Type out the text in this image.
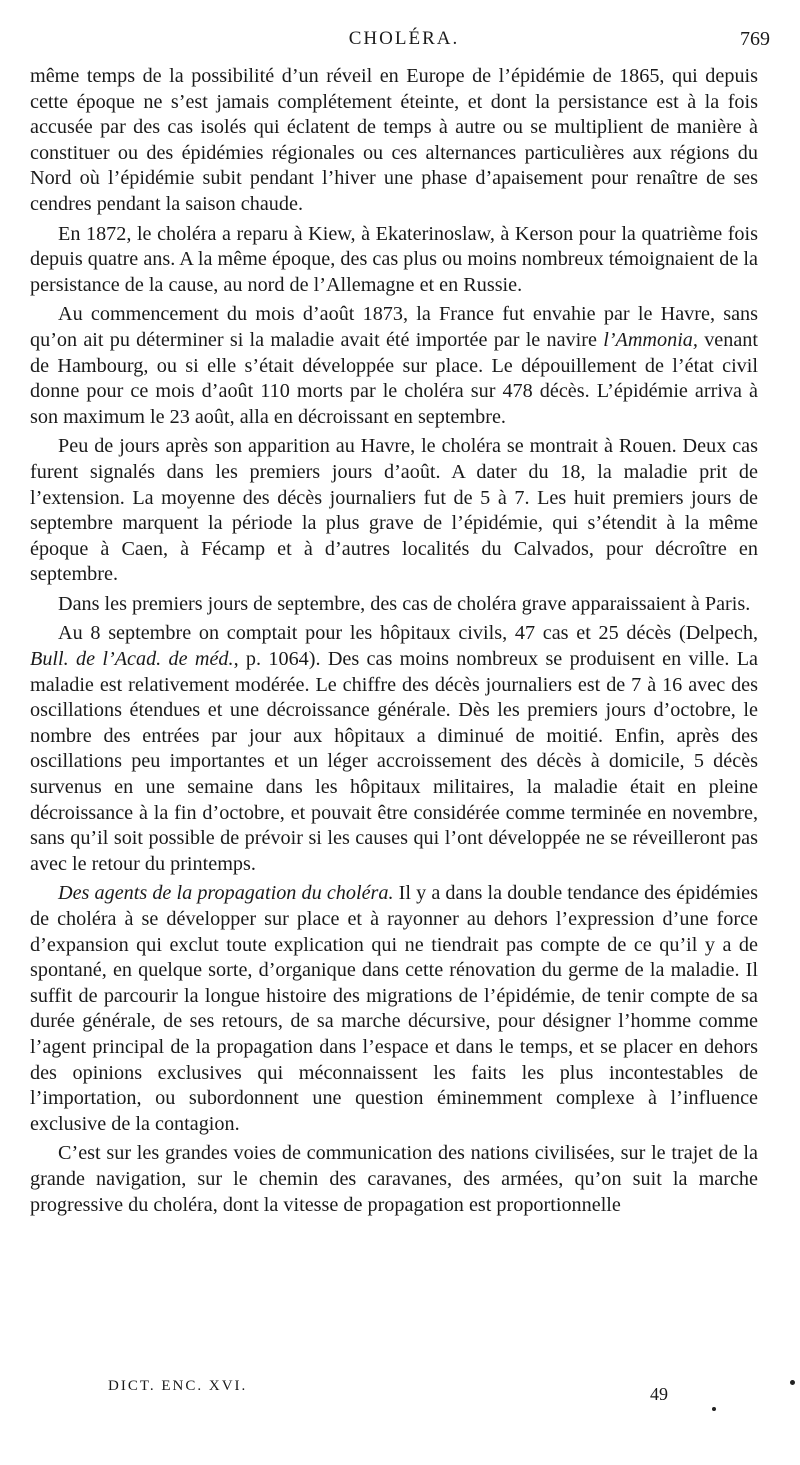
CHOLÉRA.	769

même temps de la possibilité d’un réveil en Europe de l’épidémie de 1865, qui depuis cette époque ne s’est jamais complétement éteinte, et dont la persistance est à la fois accusée par des cas isolés qui éclatent de temps à autre ou se multiplient de manière à constituer ou des épidémies régionales ou ces alternances particulières aux régions du Nord où l’épidémie subit pendant l’hiver une phase d’apaisement pour renaître de ses cendres pendant la saison chaude.

En 1872, le choléra a reparu à Kiew, à Ekaterinoslaw, à Kerson pour la quatrième fois depuis quatre ans. A la même époque, des cas plus ou moins nombreux témoignaient de la persistance de la cause, au nord de l’Allemagne et en Russie.

Au commencement du mois d’août 1873, la France fut envahie par le Havre, sans qu’on ait pu déterminer si la maladie avait été importée par le navire l’Ammonia, venant de Hambourg, ou si elle s’était développée sur place. Le dépouillement de l’état civil donne pour ce mois d’août 110 morts par le choléra sur 478 décès. L’épidémie arriva à son maximum le 23 août, alla en décroissant en septembre.

Peu de jours après son apparition au Havre, le choléra se montrait à Rouen. Deux cas furent signalés dans les premiers jours d’août. A dater du 18, la maladie prit de l’extension. La moyenne des décès journaliers fut de 5 à 7. Les huit premiers jours de septembre marquent la période la plus grave de l’épidémie, qui s’étendit à la même époque à Caen, à Fécamp et à d’autres localités du Calvados, pour décroître en septembre.

Dans les premiers jours de septembre, des cas de choléra grave apparaissaient à Paris.

Au 8 septembre on comptait pour les hôpitaux civils, 47 cas et 25 décès (Delpech, Bull. de l’Acad. de méd., p. 1064). Des cas moins nombreux se produisent en ville. La maladie est relativement modérée. Le chiffre des décès journaliers est de 7 à 16 avec des oscillations étendues et une décroissance générale. Dès les premiers jours d’octobre, le nombre des entrées par jour aux hôpitaux a diminué de moitié. Enfin, après des oscillations peu importantes et un léger accroissement des décès à domicile, 5 décès survenus en une semaine dans les hôpitaux militaires, la maladie était en pleine décroissance à la fin d’octobre, et pouvait être considérée comme terminée en novembre, sans qu’il soit possible de prévoir si les causes qui l’ont développée ne se réveilleront pas avec le retour du printemps.

Des agents de la propagation du choléra. Il y a dans la double tendance des épidémies de choléra à se développer sur place et à rayonner au dehors l’expression d’une force d’expansion qui exclut toute explication qui ne tiendrait pas compte de ce qu’il y a de spontané, en quelque sorte, d’organique dans cette rénovation du germe de la maladie. Il suffit de parcourir la longue histoire des migrations de l’épidémie, de tenir compte de sa durée générale, de ses retours, de sa marche décursive, pour désigner l’homme comme l’agent principal de la propagation dans l’espace et dans le temps, et se placer en dehors des opinions exclusives qui méconnaissent les faits les plus incontestables de l’importation, ou subordonnent une question éminemment complexe à l’influence exclusive de la contagion.

C’est sur les grandes voies de communication des nations civilisées, sur le trajet de la grande navigation, sur le chemin des caravanes, des armées, qu’on suit la marche progressive du choléra, dont la vitesse de propagation est proportionnelle

DICT. ENC. XVI.	49
